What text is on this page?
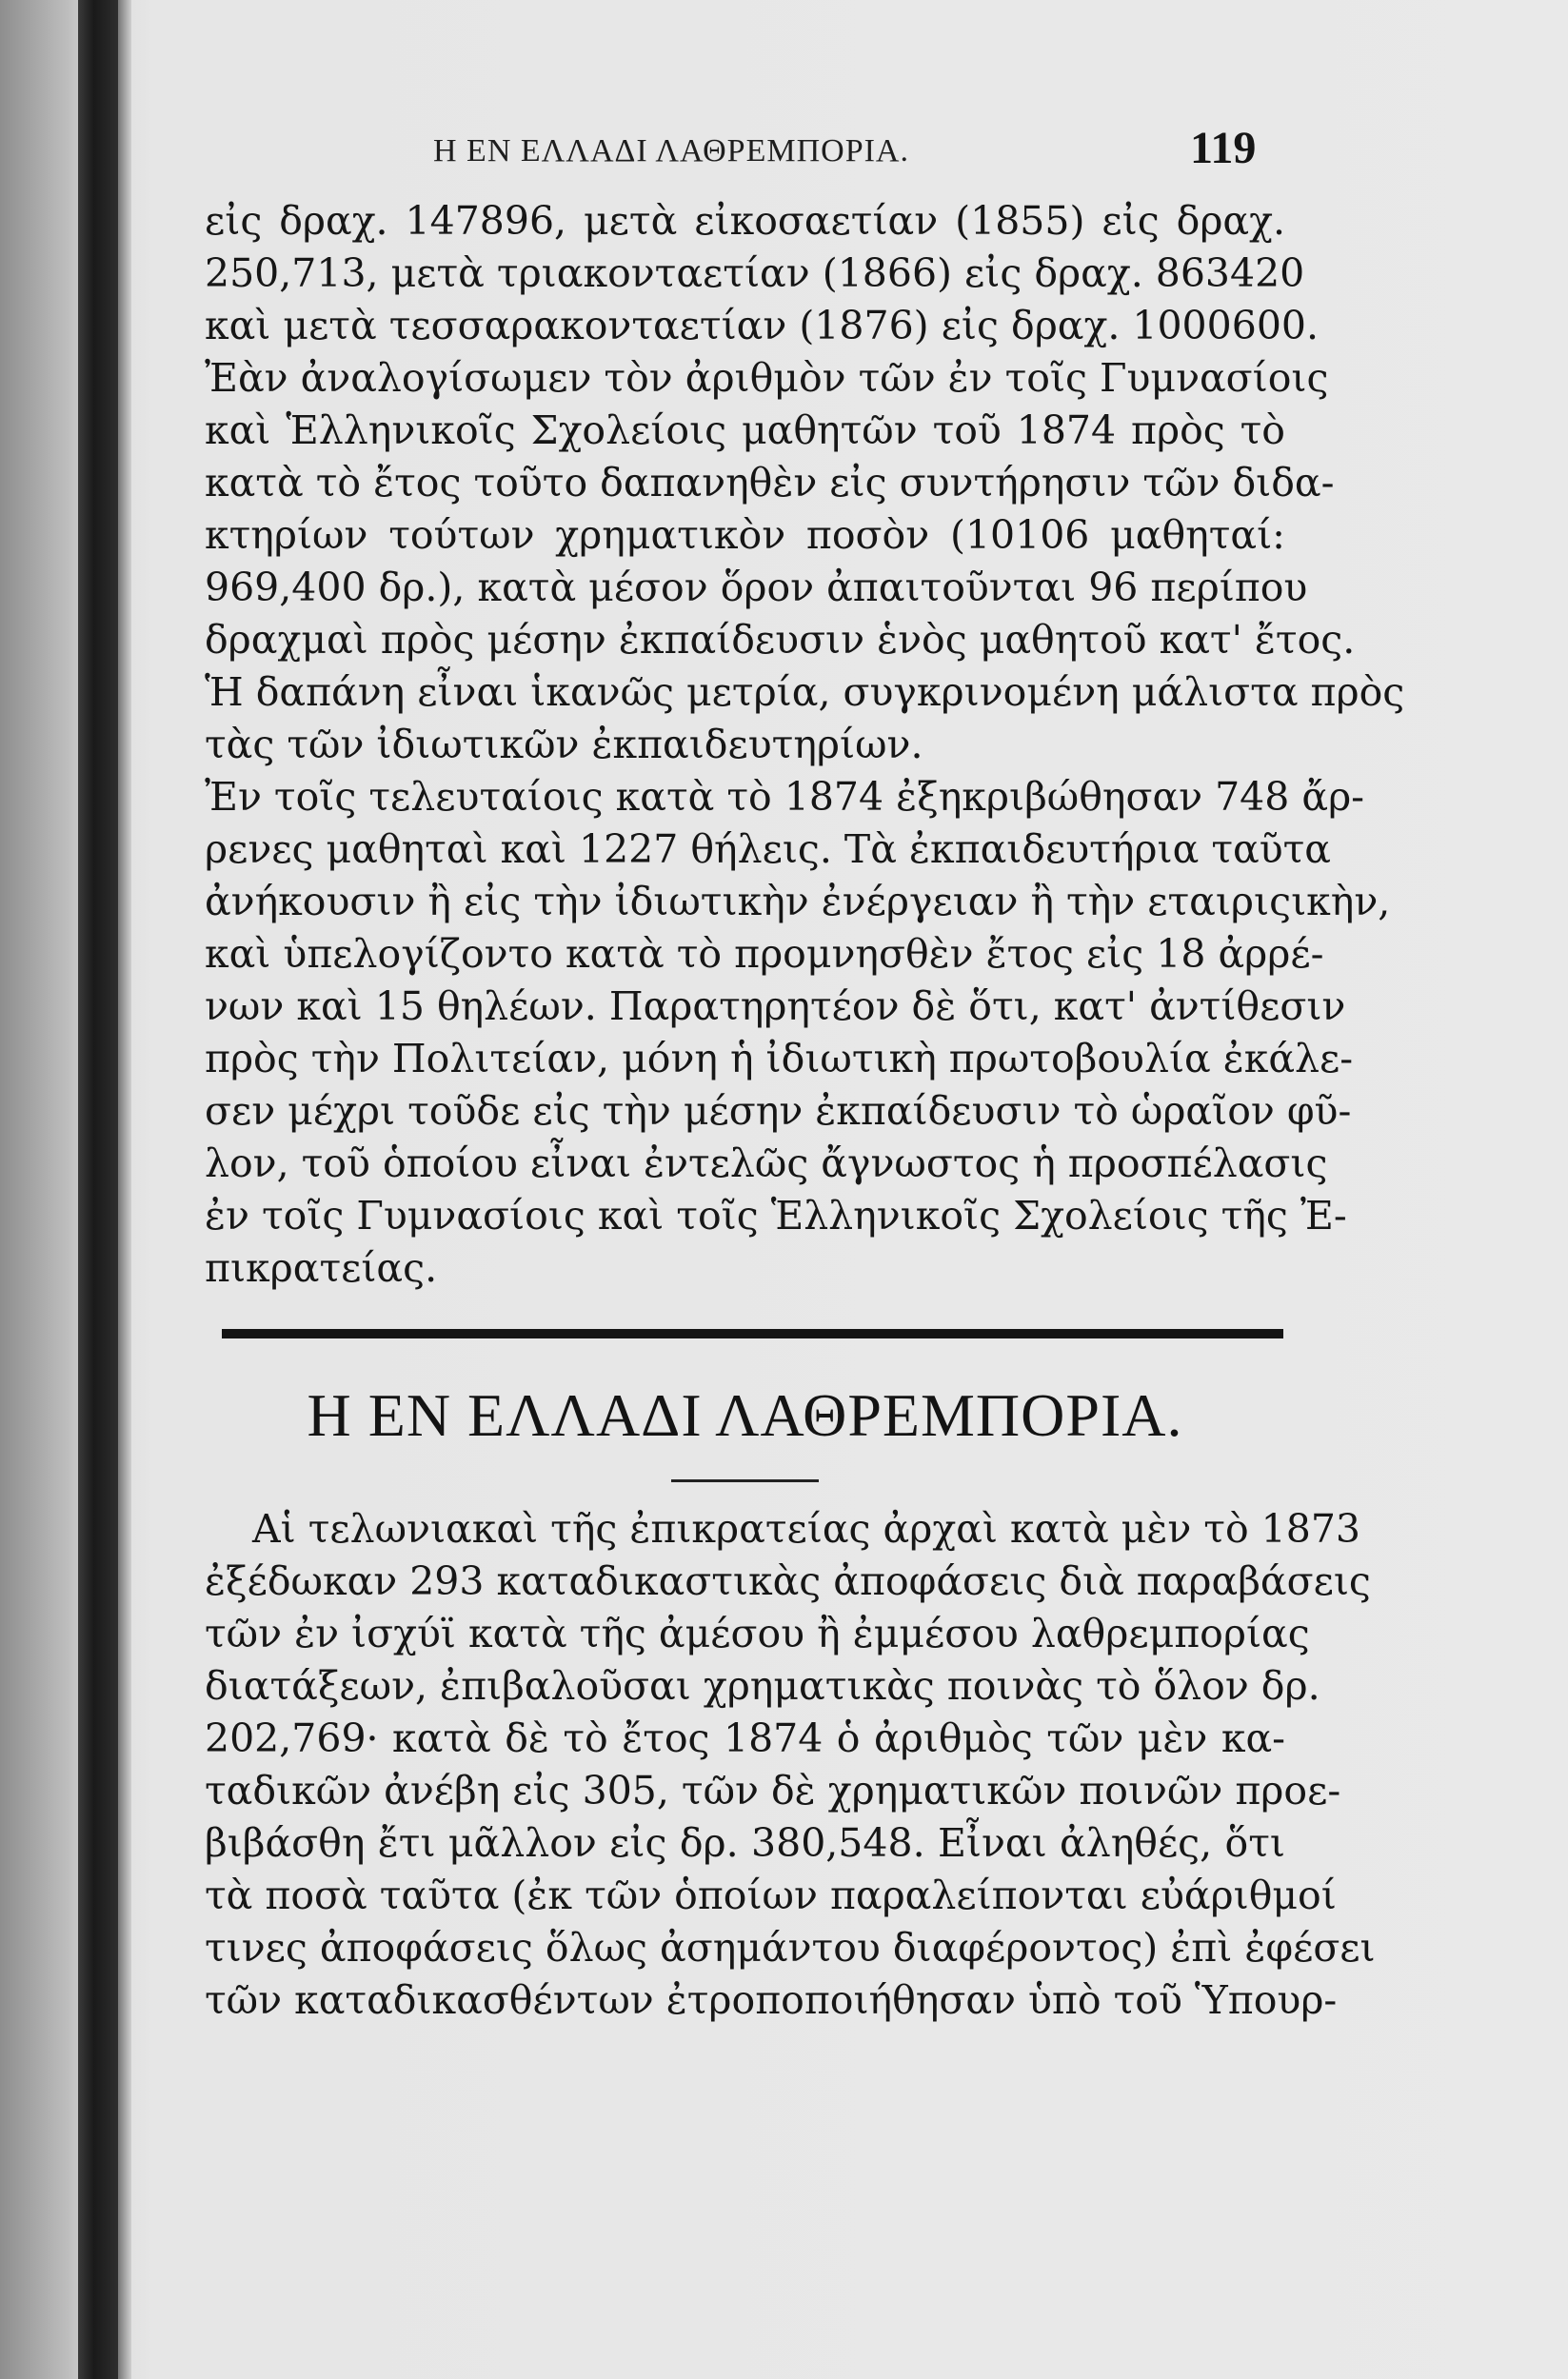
Η ΕΝ ΕΛΛΑΔΙ ΛΑΘΡΕΜΠΟΡΙΑ.	119
εἰς δραχ. 147896, μετὰ εἰκοσαετίαν (1855) εἰς δραχ.
250,713, μετὰ τριακονταετίαν (1866) εἰς δραχ. 863420
καὶ μετὰ τεσσαρακονταετίαν (1876) εἰς δραχ. 1000600.
Ἐὰν ἀναλογίσωμεν τὸν ἀριθμὸν τῶν ἐν τοῖς Γυμνασίοις
καὶ Ἑλληνικοῖς Σχολείοις μαθητῶν τοῦ 1874 πρὸς τὸ
κατὰ τὸ ἔτος τοῦτο δαπανηθὲν εἰς συντήρησιν τῶν διδα-
κτηρίων τούτων χρηματικὸν ποσὸν (10106 μαθηταί:
969,400 δρ.), κατὰ μέσον ὅρον ἀπαιτοῦνται 96 περίπου
δραχμαὶ πρὸς μέσην ἐκπαίδευσιν ἑνὸς μαθητοῦ κατ' ἔτος.
Ἡ δαπάνη εἶναι ἱκανῶς μετρία, συγκρινομένη μάλιστα πρὸς
τὰς τῶν ἰδιωτικῶν ἐκπαιδευτηρίων.
Ἐν τοῖς τελευταίοις κατὰ τὸ 1874 ἐξηκριβώθησαν 748 ἄρ-
ρενες μαθηταὶ καὶ 1227 θήλεις. Τὰ ἐκπαιδευτήρια ταῦτα
ἀνήκουσιν ἢ εἰς τὴν ἰδιωτικὴν ἐνέργειαν ἢ τὴν εταιριςικὴν,
καὶ ὑπελογίζοντο κατὰ τὸ προμνησθὲν ἔτος εἰς 18 ἀρρέ-
νων καὶ 15 θηλέων. Παρατηρητέον δὲ ὅτι, κατ' ἀντίθεσιν
πρὸς τὴν Πολιτείαν, μόνη ἡ ἰδιωτικὴ πρωτοβουλία ἐκάλε-
σεν μέχρι τοῦδε εἰς τὴν μέσην ἐκπαίδευσιν τὸ ὡραῖον φῦ-
λον, τοῦ ὁποίου εἶναι ἐντελῶς ἄγνωστος ἡ προσπέλασις
ἐν τοῖς Γυμνασίοις καὶ τοῖς Ἑλληνικοῖς Σχολείοις τῆς Ἐ-
πικρατείας.
Η ΕΝ ΕΛΛΑΔΙ ΛΑΘΡΕΜΠΟΡΙΑ.
Αἱ τελωνιακαὶ τῆς ἐπικρατείας ἀρχαὶ κατὰ μὲν τὸ 1873
ἐξέδωκαν 293 καταδικαστικὰς ἀποφάσεις διὰ παραβάσεις
τῶν ἐν ἰσχύϊ κατὰ τῆς ἀμέσου ἢ ἐμμέσου λαθρεμπορίας
διατάξεων, ἐπιβαλοῦσαι χρηματικὰς ποινὰς τὸ ὅλον δρ.
202,769· κατὰ δὲ τὸ ἔτος 1874 ὁ ἀριθμὸς τῶν μὲν κα-
ταδικῶν ἀνέβη εἰς 305, τῶν δὲ χρηματικῶν ποινῶν προε-
βιβάσθη ἔτι μᾶλλον εἰς δρ. 380,548. Εἶναι ἀληθές, ὅτι
τὰ ποσὰ ταῦτα (ἐκ τῶν ὁποίων παραλείπονται εὐάριθμοί
τινες ἀποφάσεις ὅλως ἀσημάντου διαφέροντος) ἐπὶ ἐφέσει
τῶν καταδικασθέντων ἐτροποποιήθησαν ὑπὸ τοῦ Ὑπουρ-
